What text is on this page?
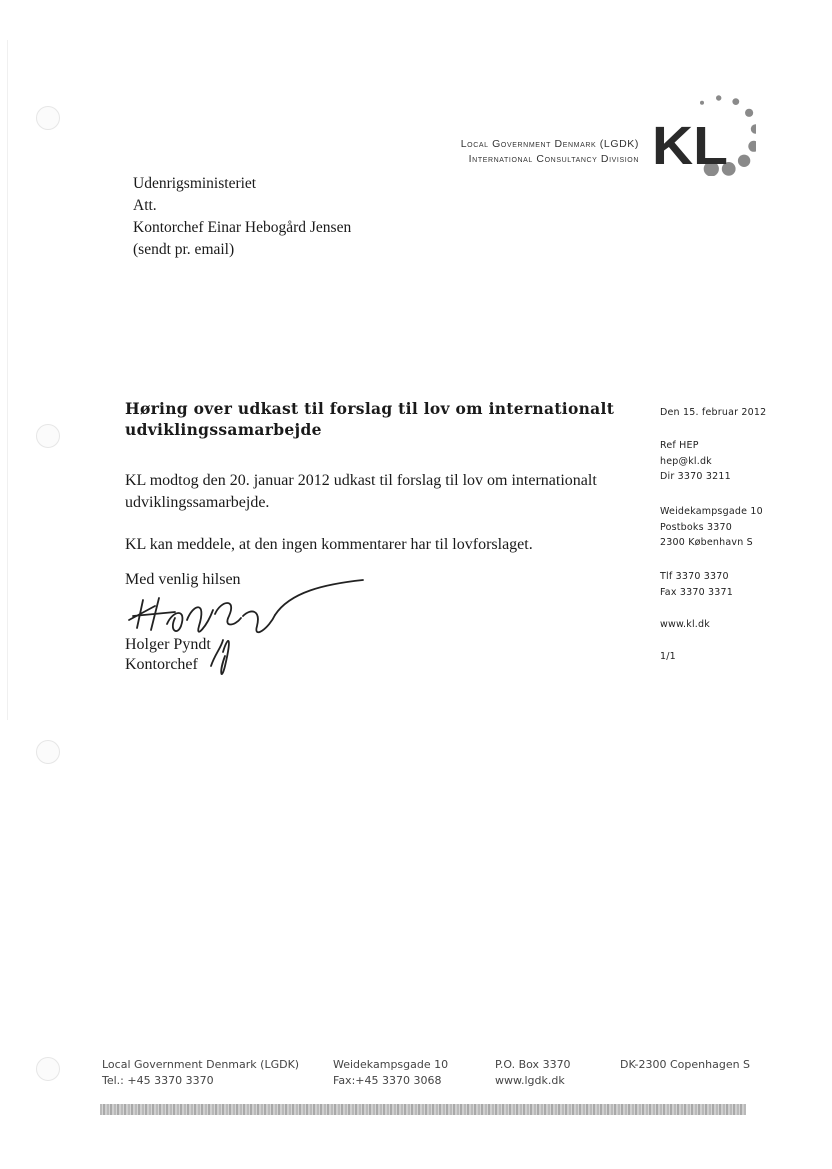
Local Government Denmark (LGDK)
International Consultancy Division KL
Udenrigsministeriet
Att.
Kontorchef Einar Hebogård Jensen
(sendt pr. email)
Høring over udkast til forslag til lov om internationalt
udviklingssamarbejde
KL modtog den 20. januar 2012 udkast til forslag til lov om internationalt
udviklingssamarbejde.
KL kan meddele, at den ingen kommentarer har til lovforslaget.
Med venlig hilsen
Holger Pyndt
Kontorchef
Den 15. februar 2012
Ref HEP
hep@kl.dk
Dir 3370 3211
Weidekampsgade 10
Postboks 3370
2300 København S
Tlf 3370 3370
Fax 3370 3371
www.kl.dk
1/1
Local Government Denmark (LGDK)
Tel.: +45 3370 3370
Weidekampsgade 10
Fax:+45 3370 3068
P.O. Box 3370
www.lgdk.dk
DK-2300 Copenhagen S
